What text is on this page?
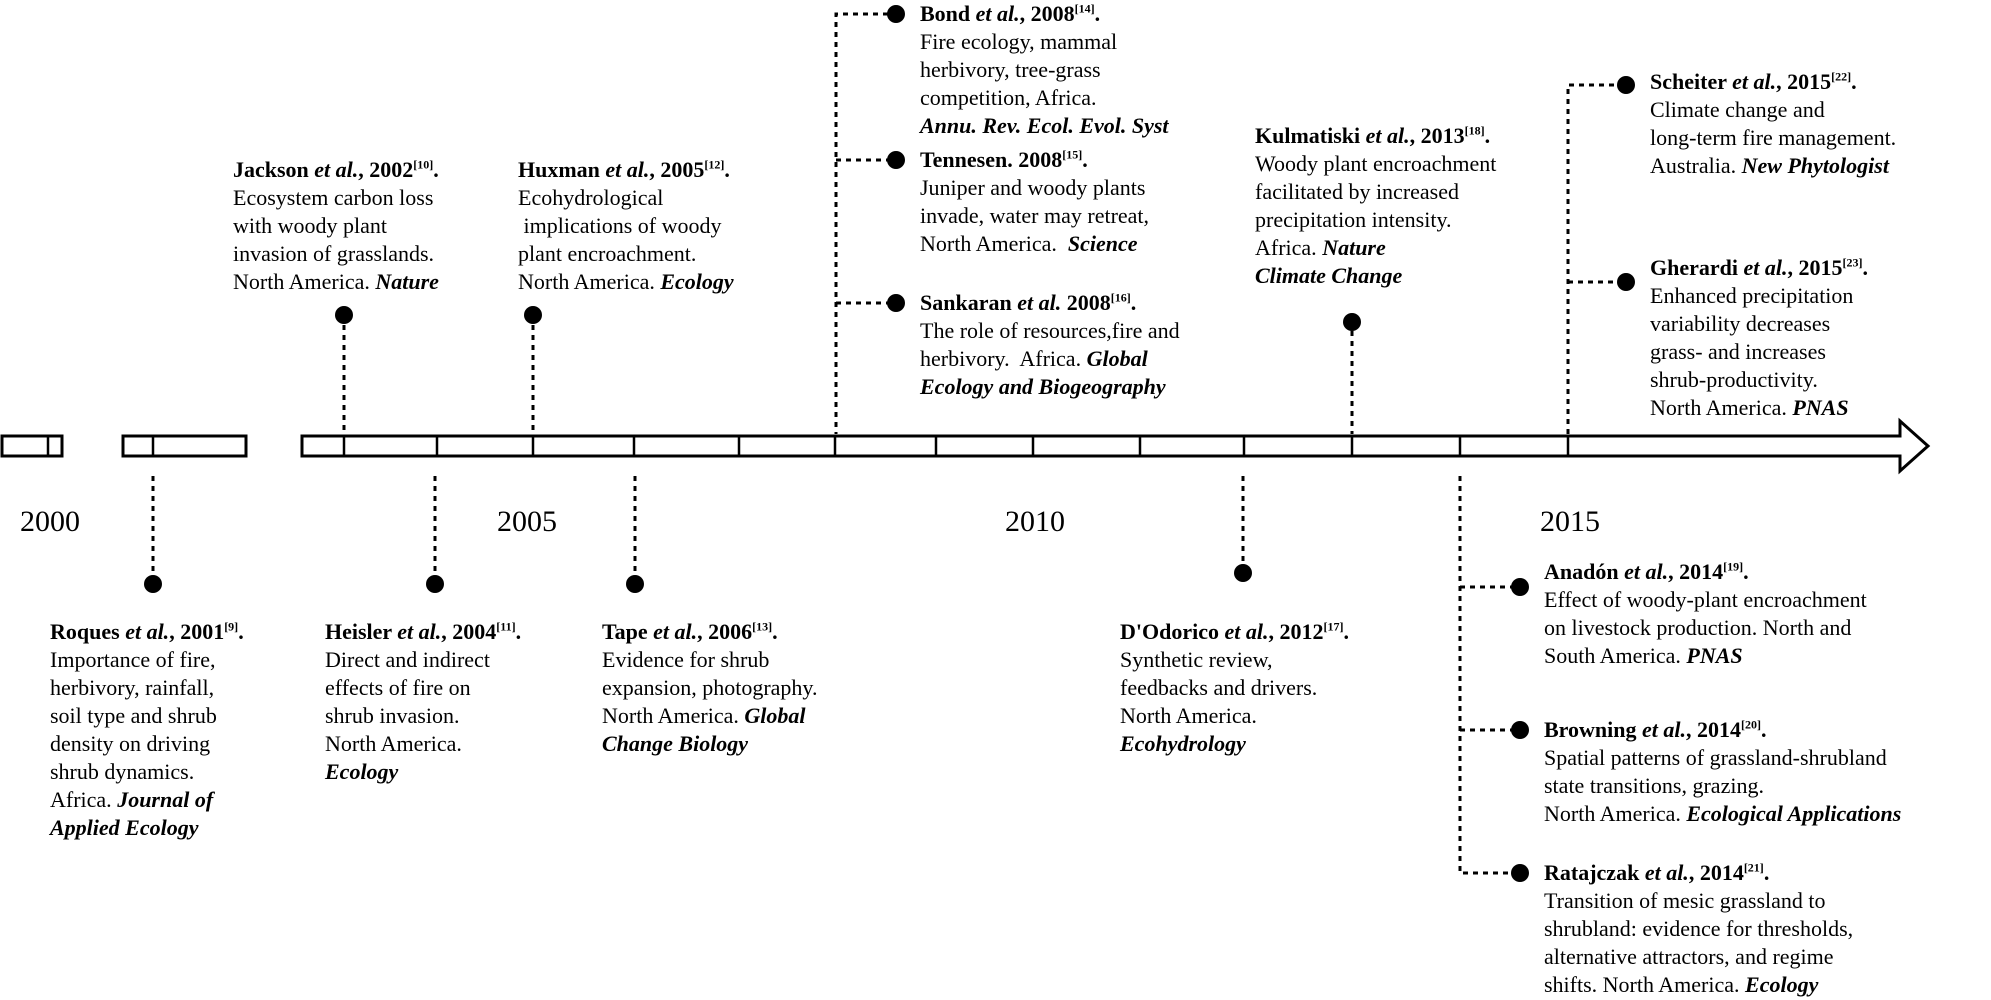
2000	2005	2010	2015
Roques et al., 2001[9].
Importance of fire,
herbivory, rainfall,
soil type and shrub
density on driving
shrub dynamics.
Africa. Journal of
Applied Ecology
Jackson et al., 2002[10].
Ecosystem carbon loss
with woody plant
invasion of grasslands.
North America. Nature
Heisler et al., 2004[11].
Direct and indirect
effects of fire on
shrub invasion.
North America.
Ecology
Huxman et al., 2005[12].
Ecohydrological
implications of woody
plant encroachment.
North America. Ecology
Tape et al., 2006[13].
Evidence for shrub
expansion, photography.
North America. Global
Change Biology
Bond et al., 2008[14].
Fire ecology, mammal
herbivory, tree-grass
competition, Africa.
Annu. Rev. Ecol. Evol. Syst
Tennesen. 2008[15].
Juniper and woody plants
invade, water may retreat,
North America.  Science
Sankaran et al. 2008[16].
The role of resources,fire and
herbivory.  Africa. Global
Ecology and Biogeography
D'Odorico et al., 2012[17].
Synthetic review,
feedbacks and drivers.
North America.
Ecohydrology
Kulmatiski et al., 2013[18].
Woody plant encroachment
facilitated by increased
precipitation intensity.
Africa. Nature
Climate Change
Anadón et al., 2014[19].
Effect of woody-plant encroachment
on livestock production. North and
South America. PNAS
Browning et al., 2014[20].
Spatial patterns of grassland-shrubland
state transitions, grazing.
North America. Ecological Applications
Ratajczak et al., 2014[21].
Transition of mesic grassland to
shrubland: evidence for thresholds,
alternative attractors, and regime
shifts. North America. Ecology
Scheiter et al., 2015[22].
Climate change and
long-term fire management.
Australia. New Phytologist
Gherardi et al., 2015[23].
Enhanced precipitation
variability decreases
grass- and increases
shrub-productivity.
North America. PNAS
